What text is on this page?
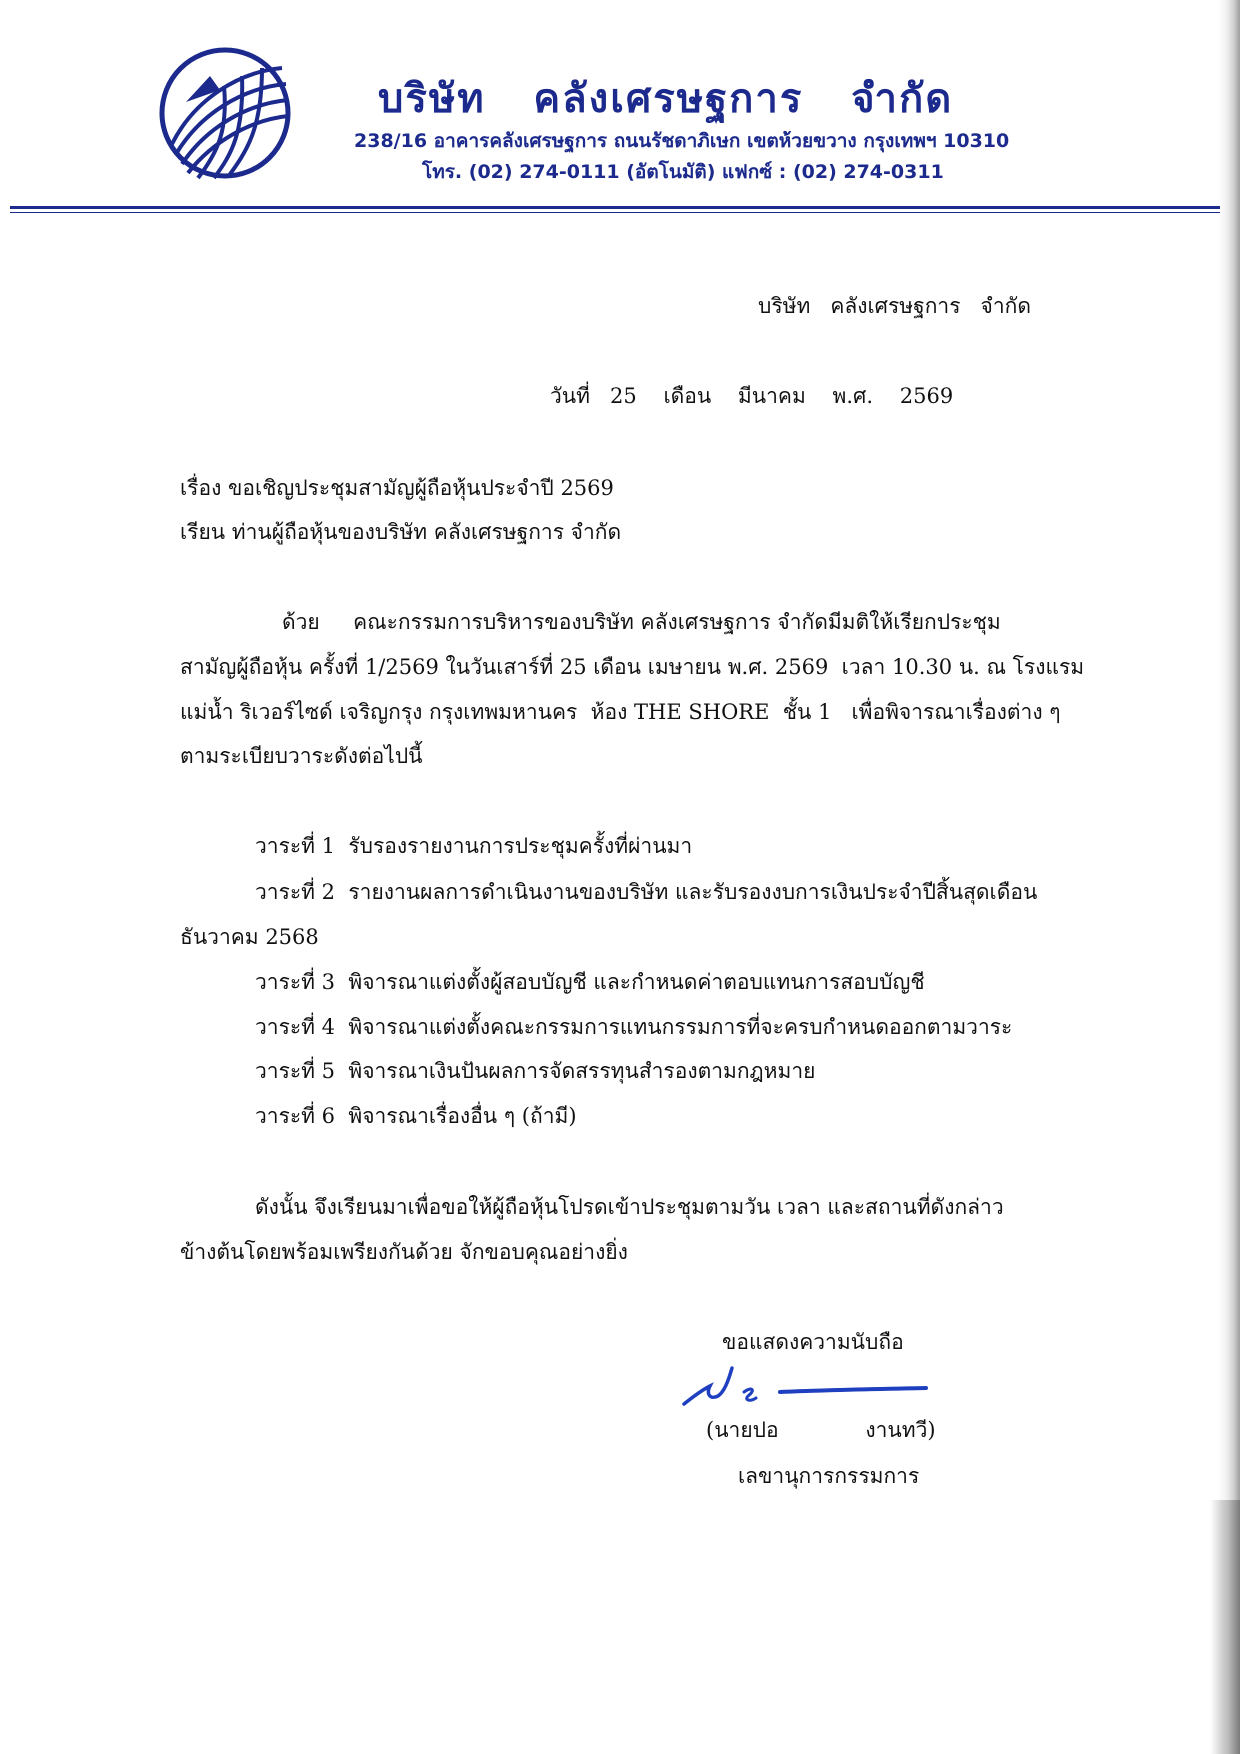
บริษัท   คลังเศรษฐการ   จำกัด
238/16 อาคารคลังเศรษฐการ ถนนรัชดาภิเษก เขตห้วยขวาง กรุงเทพฯ 10310
โทร. (02) 274-0111 (อัตโนมัติ) แฟกซ์ : (02) 274-0311
บริษัท   คลังเศรษฐการ   จำกัด
วันที่   25    เดือน    มีนาคม    พ.ศ.    2569
เรื่อง ขอเชิญประชุมสามัญผู้ถือหุ้นประจำปี 2569
เรียน ท่านผู้ถือหุ้นของบริษัท คลังเศรษฐการ จำกัด
ด้วย     คณะกรรมการบริหารของบริษัท คลังเศรษฐการ จำกัดมีมติให้เรียกประชุม
สามัญผู้ถือหุ้น ครั้งที่ 1/2569 ในวันเสาร์ที่ 25 เดือน เมษายน พ.ศ. 2569  เวลา 10.30 น. ณ โรงแรม
แม่น้ำ ริเวอร์ไซด์ เจริญกรุง กรุงเทพมหานคร  ห้อง THE SHORE  ชั้น 1   เพื่อพิจารณาเรื่องต่าง ๆ
ตามระเบียบวาระดังต่อไปนี้
วาระที่ 1  รับรองรายงานการประชุมครั้งที่ผ่านมา
วาระที่ 2  รายงานผลการดำเนินงานของบริษัท และรับรองงบการเงินประจำปีสิ้นสุดเดือน
ธันวาคม 2568
วาระที่ 3  พิจารณาแต่งตั้งผู้สอบบัญชี และกำหนดค่าตอบแทนการสอบบัญชี
วาระที่ 4  พิจารณาแต่งตั้งคณะกรรมการแทนกรรมการที่จะครบกำหนดออกตามวาระ
วาระที่ 5  พิจารณาเงินปันผลการจัดสรรทุนสำรองตามกฎหมาย
วาระที่ 6  พิจารณาเรื่องอื่น ๆ (ถ้ามี)
ดังนั้น จึงเรียนมาเพื่อขอให้ผู้ถือหุ้นโปรดเข้าประชุมตามวัน เวลา และสถานที่ดังกล่าว
ข้างต้นโดยพร้อมเพรียงกันด้วย จักขอบคุณอย่างยิ่ง
ขอแสดงความนับถือ
(นายปอ             งานทวี)
เลขานุการกรรมการ
